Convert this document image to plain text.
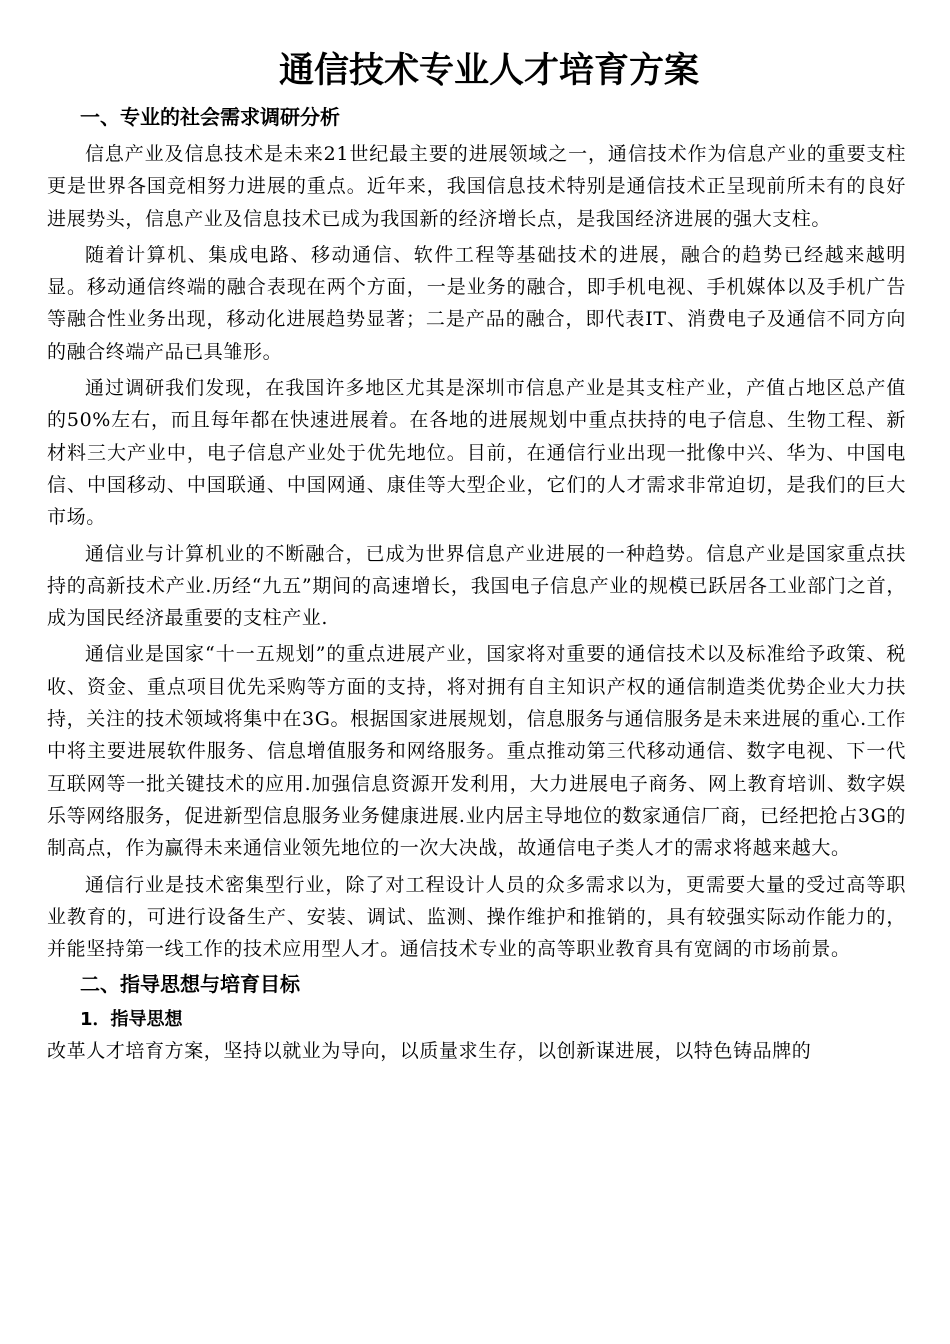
通信技术专业人才培育方案
一、专业的社会需求调研分析

信息产业及信息技术是未来21世纪最主要的进展领域之一，通信技术作为信息产业的重要支柱更是世界各国竞相努力进展的重点。近年来，我国信息技术特别是通信技术正呈现前所未有的良好进展势头，信息产业及信息技术已成为我国新的经济增长点，是我国经济进展的强大支柱。

随着计算机、集成电路、移动通信、软件工程等基础技术的进展，融合的趋势已经越来越明显。移动通信终端的融合表现在两个方面，一是业务的融合，即手机电视、手机媒体以及手机广告等融合性业务出现，移动化进展趋势显著；二是产品的融合，即代表IT、消费电子及通信不同方向的融合终端产品已具雏形。

通过调研我们发现，在我国许多地区尤其是深圳市信息产业是其支柱产业，产值占地区总产值的50%左右，而且每年都在快速进展着。在各地的进展规划中重点扶持的电子信息、生物工程、新材料三大产业中，电子信息产业处于优先地位。目前，在通信行业出现一批像中兴、华为、中国电信、中国移动、中国联通、中国网通、康佳等大型企业，它们的人才需求非常迫切，是我们的巨大市场。

通信业与计算机业的不断融合，已成为世界信息产业进展的一种趋势。信息产业是国家重点扶持的高新技术产业.历经“九五”期间的高速增长，我国电子信息产业的规模已跃居各工业部门之首，成为国民经济最重要的支柱产业.

通信业是国家“十一五规划”的重点进展产业，国家将对重要的通信技术以及标准给予政策、税收、资金、重点项目优先采购等方面的支持，将对拥有自主知识产权的通信制造类优势企业大力扶持，关注的技术领域将集中在3G。根据国家进展规划，信息服务与通信服务是未来进展的重心.工作中将主要进展软件服务、信息增值服务和网络服务。重点推动第三代移动通信、数字电视、下一代互联网等一批关键技术的应用.加强信息资源开发利用，大力进展电子商务、网上教育培训、数字娱乐等网络服务，促进新型信息服务业务健康进展.业内居主导地位的数家通信厂商，已经把抢占3G的制高点，作为赢得未来通信业领先地位的一次大决战，故通信电子类人才的需求将越来越大。

通信行业是技术密集型行业，除了对工程设计人员的众多需求以为，更需要大量的受过高等职业教育的，可进行设备生产、安装、调试、监测、操作维护和推销的，具有较强实际动作能力的，并能坚持第一线工作的技术应用型人才。通信技术专业的高等职业教育具有宽阔的市场前景。

二、指导思想与培育目标
1．指导思想

改革人才培育方案，坚持以就业为导向，以质量求生存，以创新谋进展，以特色铸品牌的
